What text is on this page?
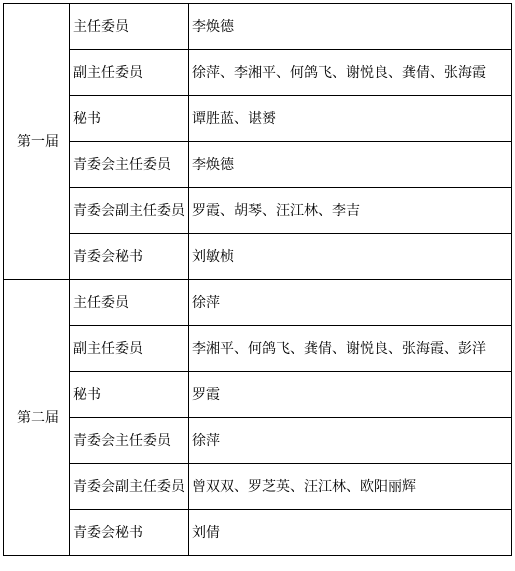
第一届	主任委员	李焕德
	副主任委员	徐萍、李湘平、何鸽飞、谢悦良、龚倩、张海霞
	秘书	谭胜蓝、谌赟
	青委会主任委员	李焕德
	青委会副主任委员	罗霞、胡琴、汪江林、李吉
	青委会秘书	刘敏桢
第二届	主任委员	徐萍
	副主任委员	李湘平、何鸽飞、龚倩、谢悦良、张海霞、彭洋
	秘书	罗霞
	青委会主任委员	徐萍
	青委会副主任委员	曾双双、罗芝英、汪江林、欧阳丽辉
	青委会秘书	刘倩
